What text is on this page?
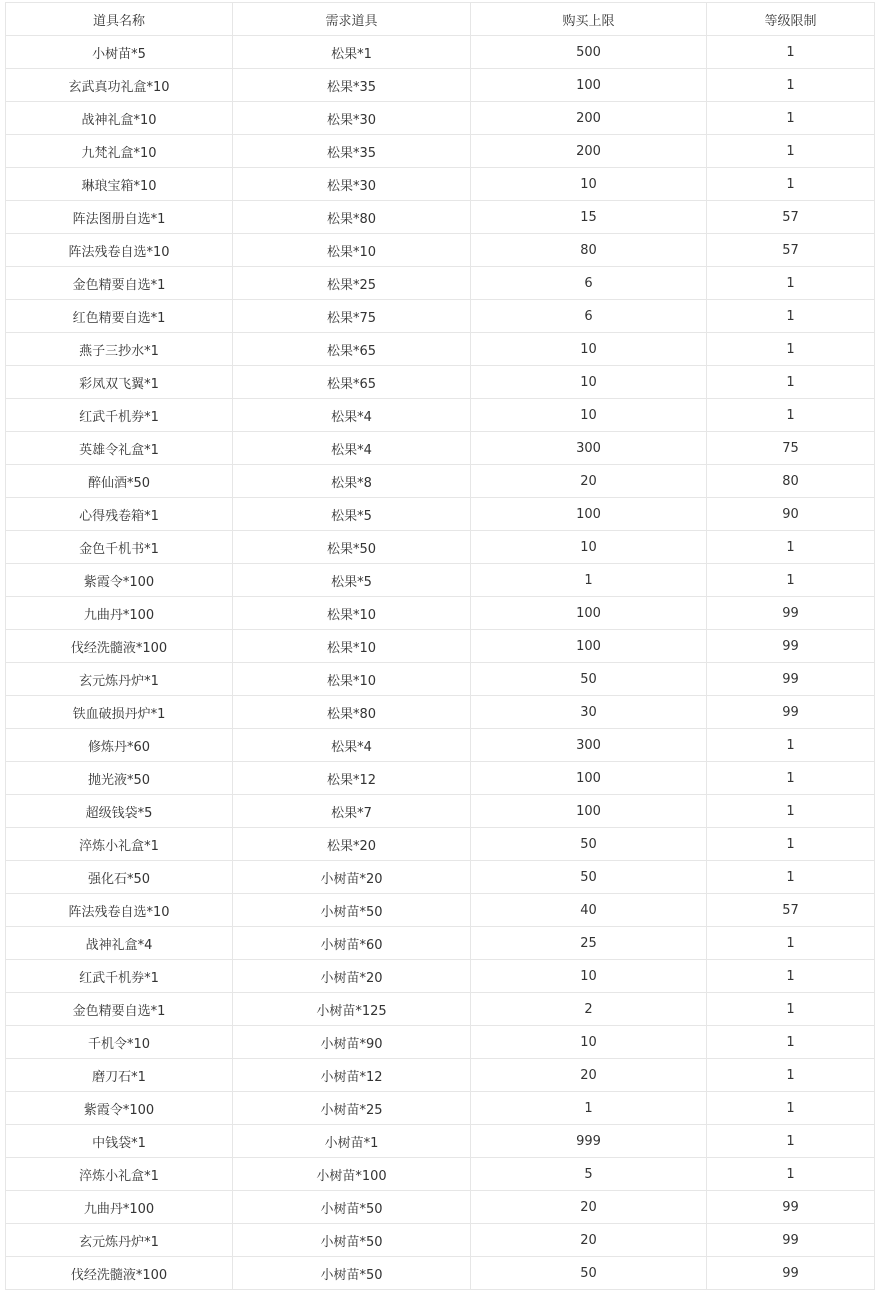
道具名称	需求道具	购买上限	等级限制
小树苗*5	松果*1	500	1
玄武真功礼盒*10	松果*35	100	1
战神礼盒*10	松果*30	200	1
九梵礼盒*10	松果*35	200	1
琳琅宝箱*10	松果*30	10	1
阵法图册自选*1	松果*80	15	57
阵法残卷自选*10	松果*10	80	57
金色精要自选*1	松果*25	6	1
红色精要自选*1	松果*75	6	1
燕子三抄水*1	松果*65	10	1
彩凤双飞翼*1	松果*65	10	1
红武千机券*1	松果*4	10	1
英雄令礼盒*1	松果*4	300	75
醉仙酒*50	松果*8	20	80
心得残卷箱*1	松果*5	100	90
金色千机书*1	松果*50	10	1
紫霞令*100	松果*5	1	1
九曲丹*100	松果*10	100	99
伐经洗髓液*100	松果*10	100	99
玄元炼丹炉*1	松果*10	50	99
铁血破损丹炉*1	松果*80	30	99
修炼丹*60	松果*4	300	1
抛光液*50	松果*12	100	1
超级钱袋*5	松果*7	100	1
淬炼小礼盒*1	松果*20	50	1
强化石*50	小树苗*20	50	1
阵法残卷自选*10	小树苗*50	40	57
战神礼盒*4	小树苗*60	25	1
红武千机券*1	小树苗*20	10	1
金色精要自选*1	小树苗*125	2	1
千机令*10	小树苗*90	10	1
磨刀石*1	小树苗*12	20	1
紫霞令*100	小树苗*25	1	1
中钱袋*1	小树苗*1	999	1
淬炼小礼盒*1	小树苗*100	5	1
九曲丹*100	小树苗*50	20	99
玄元炼丹炉*1	小树苗*50	20	99
伐经洗髓液*100	小树苗*50	50	99
